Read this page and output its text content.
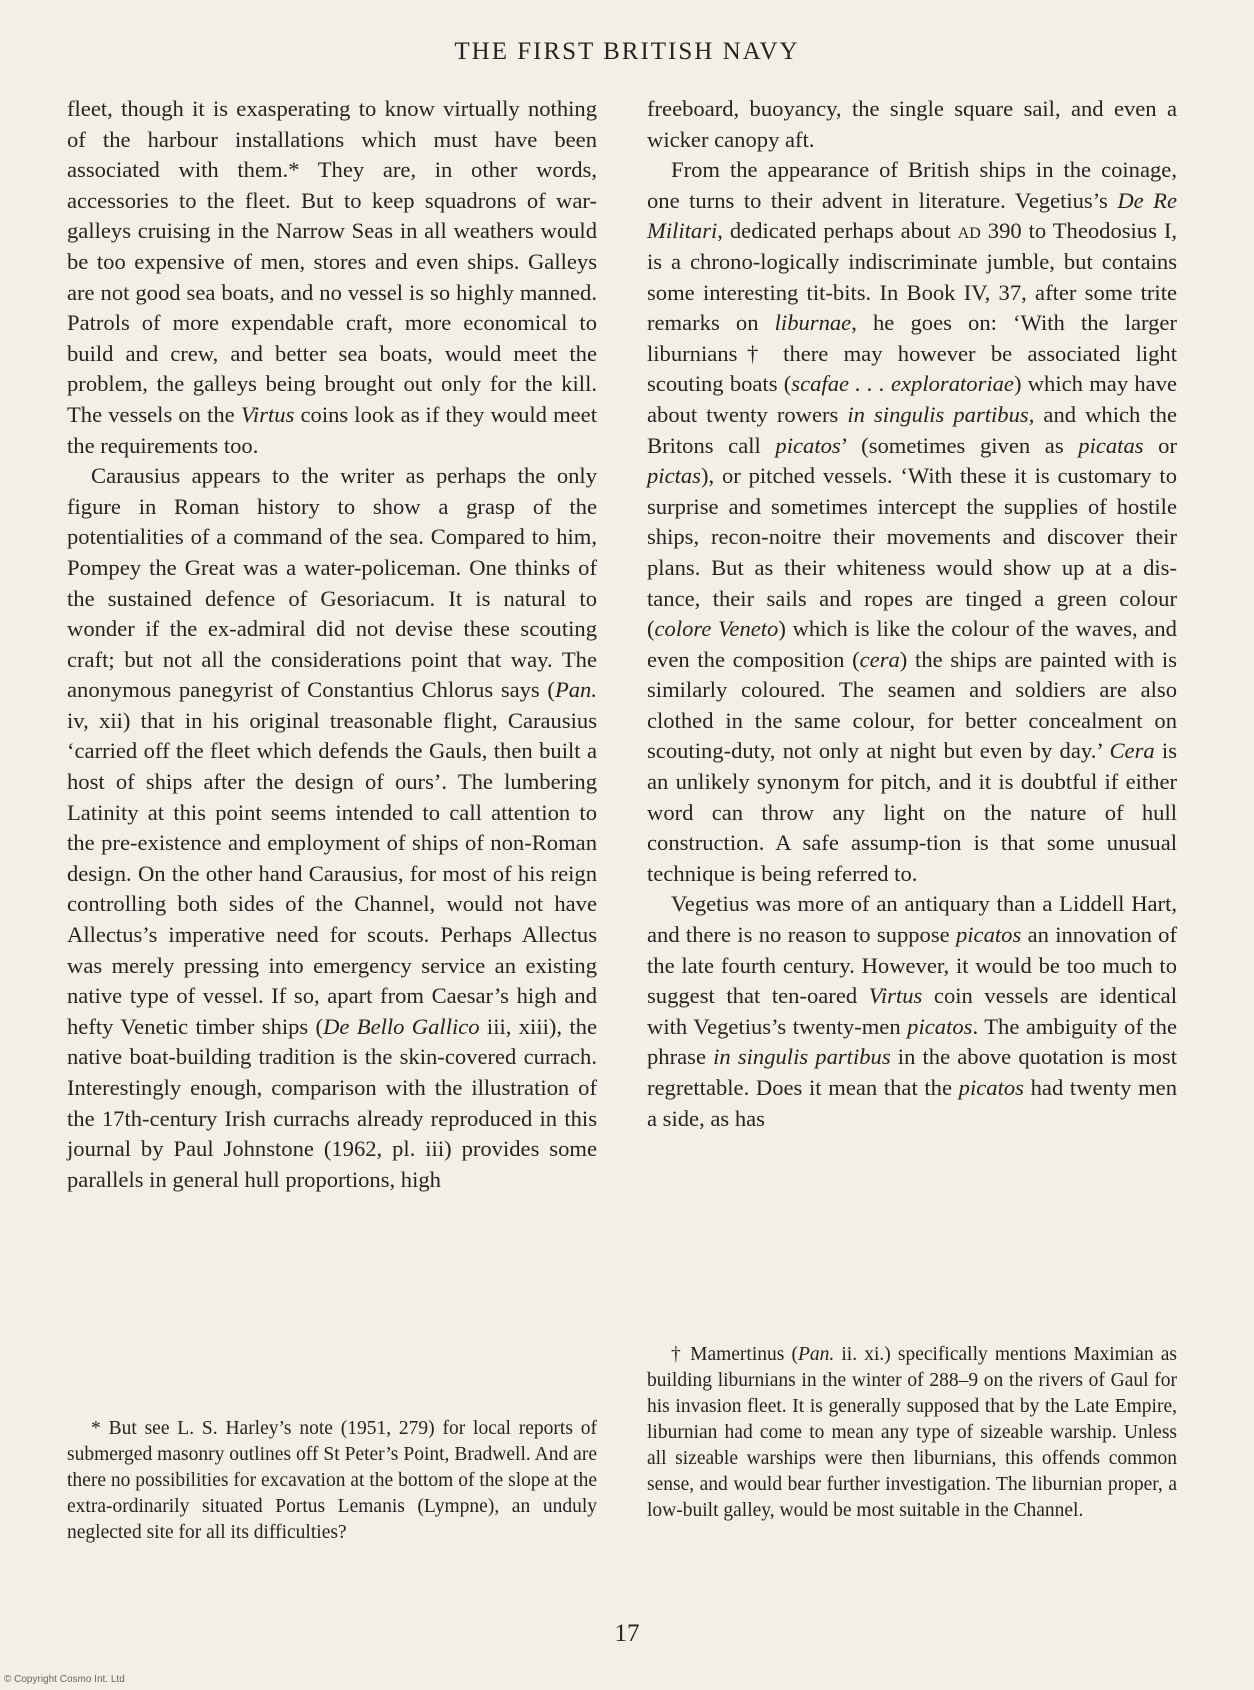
THE FIRST BRITISH NAVY

fleet, though it is exasperating to know virtually nothing of the harbour installations which must have been associated with them.* They are, in other words, accessories to the fleet. But to keep squadrons of war-galleys cruising in the Narrow Seas in all weathers would be too expensive of men, stores and even ships. Galleys are not good sea boats, and no vessel is so highly manned. Patrols of more expendable craft, more economical to build and crew, and better sea boats, would meet the problem, the galleys being brought out only for the kill. The vessels on the Virtus coins look as if they would meet the requirements too.

Carausius appears to the writer as perhaps the only figure in Roman history to show a grasp of the potentialities of a command of the sea. Compared to him, Pompey the Great was a water-policeman. One thinks of the sustained defence of Gesoriacum. It is natural to wonder if the ex-admiral did not devise these scouting craft; but not all the considerations point that way. The anonymous panegyrist of Constantius Chlorus says (Pan. iv, xii) that in his original treasonable flight, Carausius ‘carried off the fleet which defends the Gauls, then built a host of ships after the design of ours’. The lumbering Latinity at this point seems intended to call attention to the pre-existence and employment of ships of non-Roman design. On the other hand Carausius, for most of his reign controlling both sides of the Channel, would not have Allectus’s imperative need for scouts. Perhaps Allectus was merely pressing into emergency service an existing native type of vessel. If so, apart from Caesar’s high and hefty Venetic timber ships (De Bello Gallico iii, xiii), the native boat-building tradition is the skin-covered currach. Interestingly enough, comparison with the illustration of the 17th-century Irish currachs already reproduced in this journal by Paul Johnstone (1962, pl. iii) provides some parallels in general hull proportions, high

* But see L. S. Harley’s note (1951, 279) for local reports of submerged masonry outlines off St Peter’s Point, Bradwell. And are there no possibilities for excavation at the bottom of the slope at the extra-ordinarily situated Portus Lemanis (Lympne), an unduly neglected site for all its difficulties?

freeboard, buoyancy, the single square sail, and even a wicker canopy aft.

From the appearance of British ships in the coinage, one turns to their advent in literature. Vegetius’s De Re Militari, dedicated perhaps about ad 390 to Theodosius I, is a chrono-logically indiscriminate jumble, but contains some interesting tit-bits. In Book IV, 37, after some trite remarks on liburnae, he goes on: ‘With the larger liburnians† there may however be associated light scouting boats (scafae . . . exploratoriae) which may have about twenty rowers in singulis partibus, and which the Britons call picatos’ (sometimes given as picatas or pictas), or pitched vessels. ‘With these it is customary to surprise and sometimes intercept the supplies of hostile ships, recon-noitre their movements and discover their plans. But as their whiteness would show up at a dis-tance, their sails and ropes are tinged a green colour (colore Veneto) which is like the colour of the waves, and even the composition (cera) the ships are painted with is similarly coloured. The seamen and soldiers are also clothed in the same colour, for better concealment on scouting-duty, not only at night but even by day.’ Cera is an unlikely synonym for pitch, and it is doubtful if either word can throw any light on the nature of hull construction. A safe assump-tion is that some unusual technique is being referred to.

Vegetius was more of an antiquary than a Liddell Hart, and there is no reason to suppose picatos an innovation of the late fourth century. However, it would be too much to suggest that ten-oared Virtus coin vessels are identical with Vegetius’s twenty-men picatos. The ambiguity of the phrase in singulis partibus in the above quotation is most regrettable. Does it mean that the picatos had twenty men a side, as has

† Mamertinus (Pan. ii. xi.) specifically mentions Maximian as building liburnians in the winter of 288–9 on the rivers of Gaul for his invasion fleet. It is generally supposed that by the Late Empire, liburnian had come to mean any type of sizeable warship. Unless all sizeable warships were then liburnians, this offends common sense, and would bear further investigation. The liburnian proper, a low-built galley, would be most suitable in the Channel.

17
© Copyright Cosmo Int. Ltd
